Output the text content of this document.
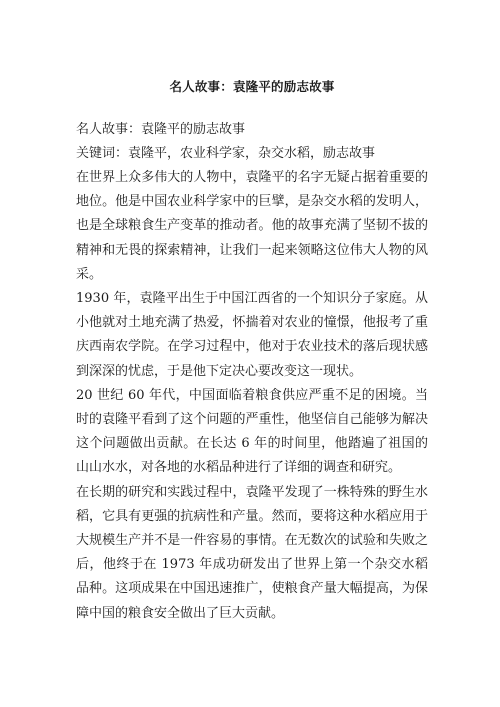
名人故事：袁隆平的励志故事

名人故事：袁隆平的励志故事

关键词：袁隆平，农业科学家，杂交水稻，励志故事

在世界上众多伟大的人物中，袁隆平的名字无疑占据着重要的地位。他是中国农业科学家中的巨擘，是杂交水稻的发明人，也是全球粮食生产变革的推动者。他的故事充满了坚韧不拔的精神和无畏的探索精神，让我们一起来领略这位伟大人物的风采。

1930 年，袁隆平出生于中国江西省的一个知识分子家庭。从小他就对土地充满了热爱，怀揣着对农业的憧憬，他报考了重庆西南农学院。在学习过程中，他对于农业技术的落后现状感到深深的忧虑，于是他下定决心要改变这一现状。

20 世纪 60 年代，中国面临着粮食供应严重不足的困境。当时的袁隆平看到了这个问题的严重性，他坚信自己能够为解决这个问题做出贡献。在长达 6 年的时间里，他踏遍了祖国的山山水水，对各地的水稻品种进行了详细的调查和研究。

在长期的研究和实践过程中，袁隆平发现了一株特殊的野生水稻，它具有更强的抗病性和产量。然而，要将这种水稻应用于大规模生产并不是一件容易的事情。在无数次的试验和失败之后，他终于在 1973 年成功研发出了世界上第一个杂交水稻品种。这项成果在中国迅速推广，使粮食产量大幅提高，为保障中国的粮食安全做出了巨大贡献。
